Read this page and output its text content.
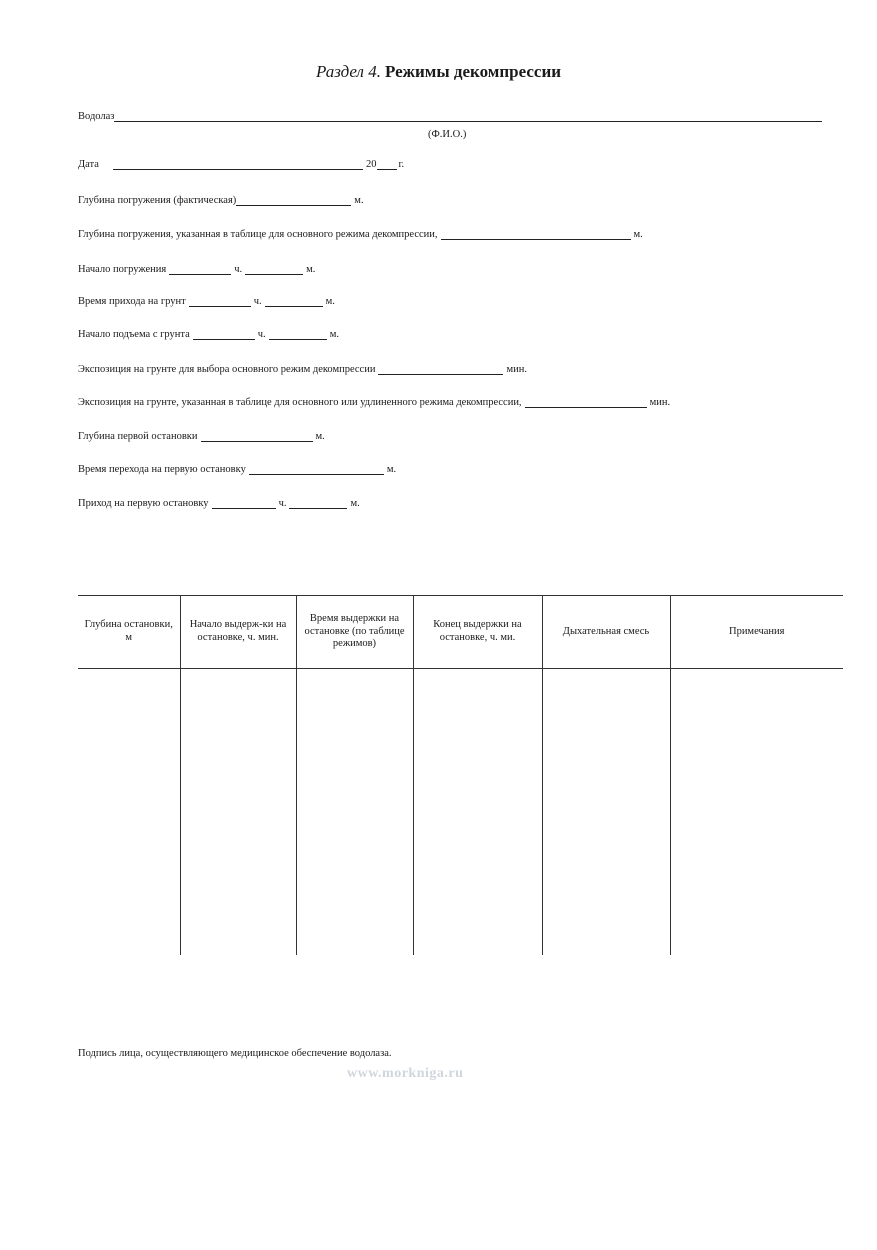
Раздел 4. Режимы декомпрессии
Водолаз
(Ф.И.О.)
Дата	20 г.
Глубина погружения (фактическая)	м.
Глубина погружения, указанная в таблице для основного режима декомпрессии,	м.
Начало погружения	ч.	м.
Время прихода на грунт	ч.	м.
Начало подъема с грунта	ч.	м.
Экспозиция на грунте для выбора основного режим декомпрессии	мин.
Экспозиция на грунте, указанная в таблице для основного или удлиненного режима декомпрессии,	мин.
Глубина первой остановки	м.
Время перехода на первую остановку	м.
Приход на первую остановку	ч.	м.
Глубина остановки, м	Начало выдерж-ки на остановке, ч. мин.	Время выдержки на остановке (по таблице режимов)	Конец выдержки на остановке, ч. ми.	Дыхательная смесь	Примечания

Подпись лица, осуществляющего медицинское обеспечение водолаза.
www.morkniga.ru
